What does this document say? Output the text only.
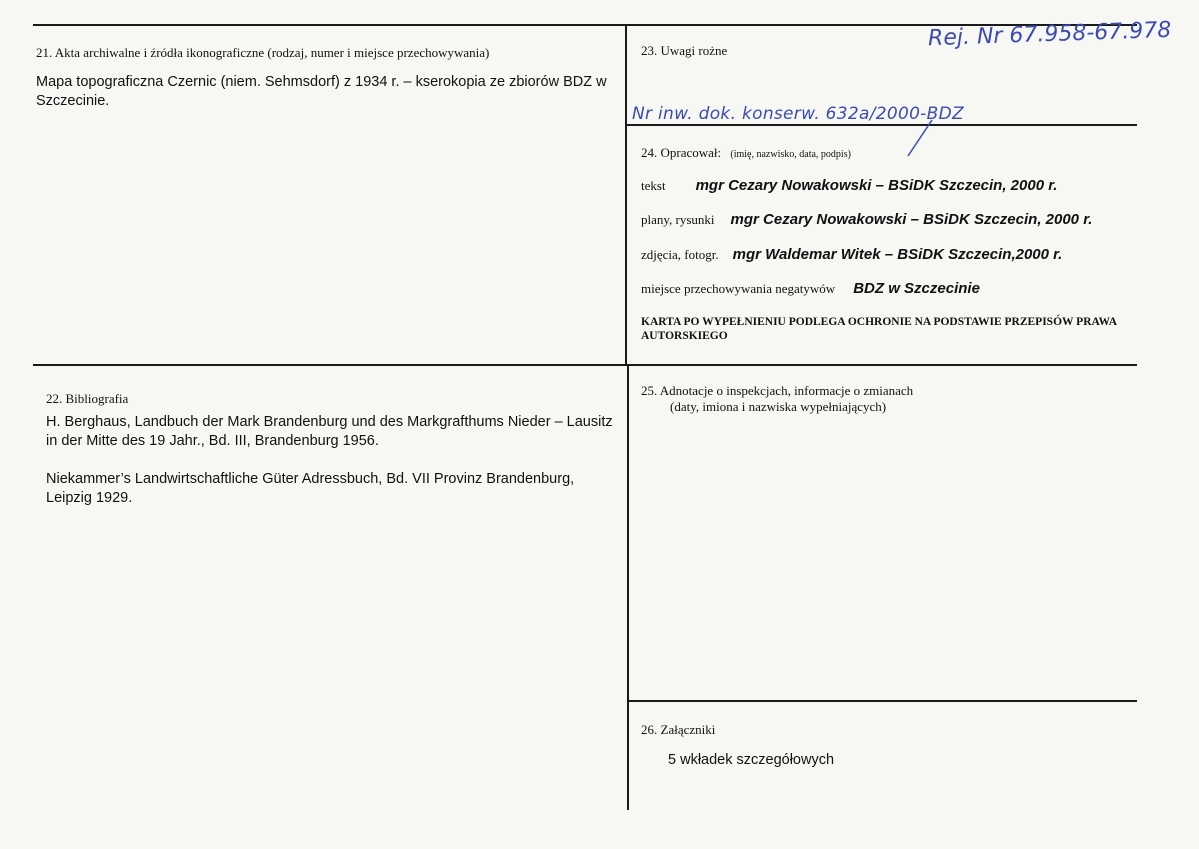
21. Akta archiwalne i źródła ikonograficzne (rodzaj, numer i miejsce przechowywania)
Mapa topograficzna Czernic (niem. Sehmsdorf) z 1934 r. – kserokopia ze zbiorów BDZ w Szczecinie.
22. Bibliografia
H. Berghaus, Landbuch der Mark Brandenburg und des Markgrafthums Nieder – Lausitz in der Mitte des 19 Jahr., Bd. III, Brandenburg 1956.
Niekammer’s Landwirtschaftliche Güter Adressbuch, Bd. VII Provinz Brandenburg, Leipzig 1929.
23. Uwagi rożne	Rej. Nr 67.958-67.978
Nr inw. dok. konserw. 632a/2000-BDZ
24. Opracował: (imię, nazwisko, data, podpis)
tekst mgr Cezary Nowakowski – BSiDK Szczecin, 2000 r.
plany, rysunki mgr Cezary Nowakowski – BSiDK Szczecin, 2000 r.
zdjęcia, fotogr. mgr Waldemar Witek – BSiDK Szczecin,2000 r.
miejsce przechowywania negatywów BDZ w Szczecinie
KARTA PO WYPEŁNIENIU PODLEGA OCHRONIE NA PODSTAWIE PRZEPISÓW PRAWA AUTORSKIEGO
25. Adnotacje o inspekcjach, informacje o zmianach
(daty, imiona i nazwiska wypełniających)
26. Załączniki
5 wkładek szczegółowych
